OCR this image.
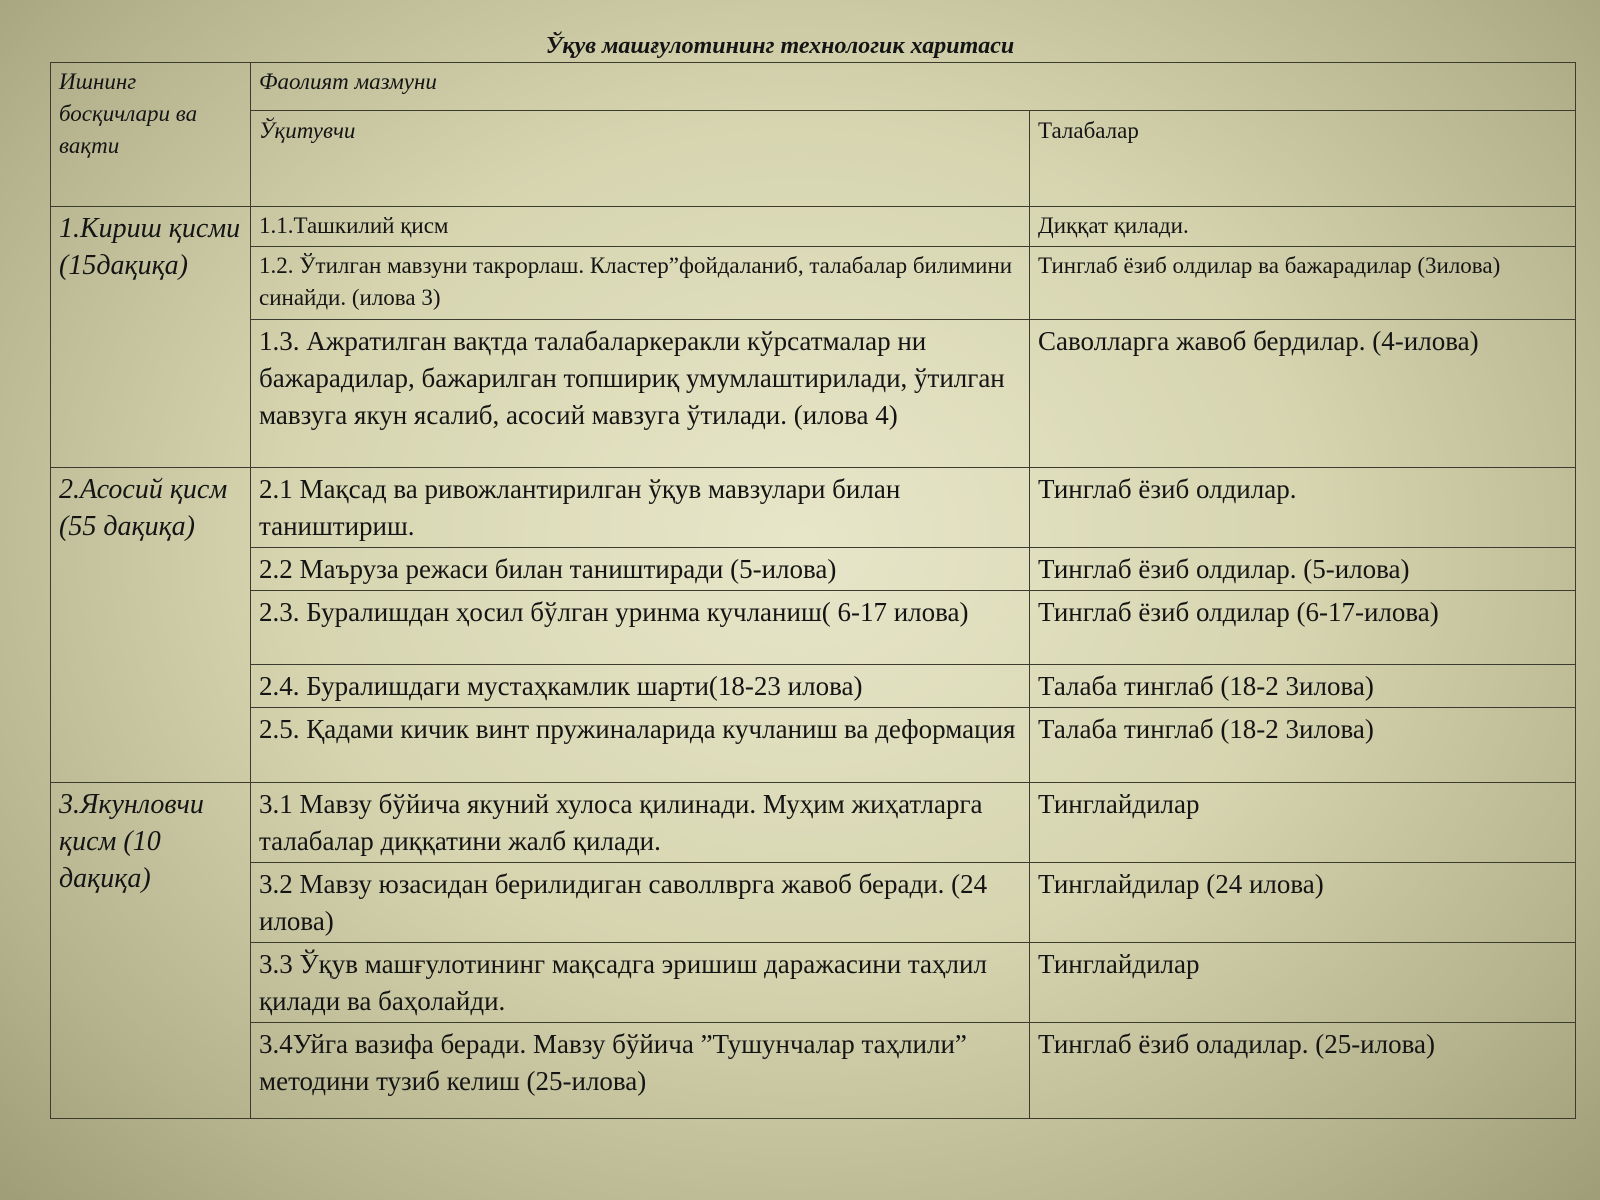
Ўқув машғулотининг технологик харитаси
Ишнинг босқичлари ва вақти	Фаолият мазмуни	
	Ўқитувчи	Талабалар
1.Кириш қисми (15дақиқа)	1.1.Ташкилий қисм	Диққат қилади.
	1.2. Ўтилган мавзуни такрорлаш. Кластер”фойдаланиб, талабалар билимини синайди. (илова 3)	Тинглаб ёзиб олдилар ва бажарадилар (3илова)
	1.3. Ажратилган вақтда талабаларкеракли кўрсатмалар ни бажарадилар, бажарилган топшириқ умумлаштирилади, ўтилган мавзуга якун ясалиб, асосий мавзуга ўтилади. (илова 4)	Саволларга жавоб бердилар. (4-илова)
2.Асосий қисм (55 дақиқа)	2.1 Мақсад ва ривожлантирилган ўқув мавзулари билан таништириш.	Тинглаб ёзиб олдилар.
	2.2 Маъруза режаси билан таништиради (5-илова)	Тинглаб ёзиб олдилар. (5-илова)
	2.3. Буралишдан ҳосил бўлган уринма кучланиш( 6-17 илова)	Тинглаб ёзиб олдилар (6-17-илова)
	2.4. Буралишдаги мустаҳкамлик шарти(18-23 илова)	Талаба тинглаб (18-2 3илова)
	2.5. Қадами кичик винт пружиналарида кучланиш ва деформация	Талаба тинглаб (18-2 3илова)
3.Якунловчи қисм (10 дақиқа)	3.1 Мавзу бўйича якуний хулоса қилинади. Муҳим жиҳатларга талабалар диққатини жалб қилади.	Тинглайдилар
	3.2 Мавзу юзасидан берилидиган саволлврга жавоб беради. (24 илова)	Тинглайдилар (24 илова)
	3.3 Ўқув машғулотининг мақсадга эришиш даражасини таҳлил қилади ва баҳолайди.	Тинглайдилар
	3.4Уйга вазифа беради. Мавзу бўйича ”Тушунчалар таҳлили” методини тузиб келиш (25-илова)	Тинглаб ёзиб оладилар. (25-илова)
